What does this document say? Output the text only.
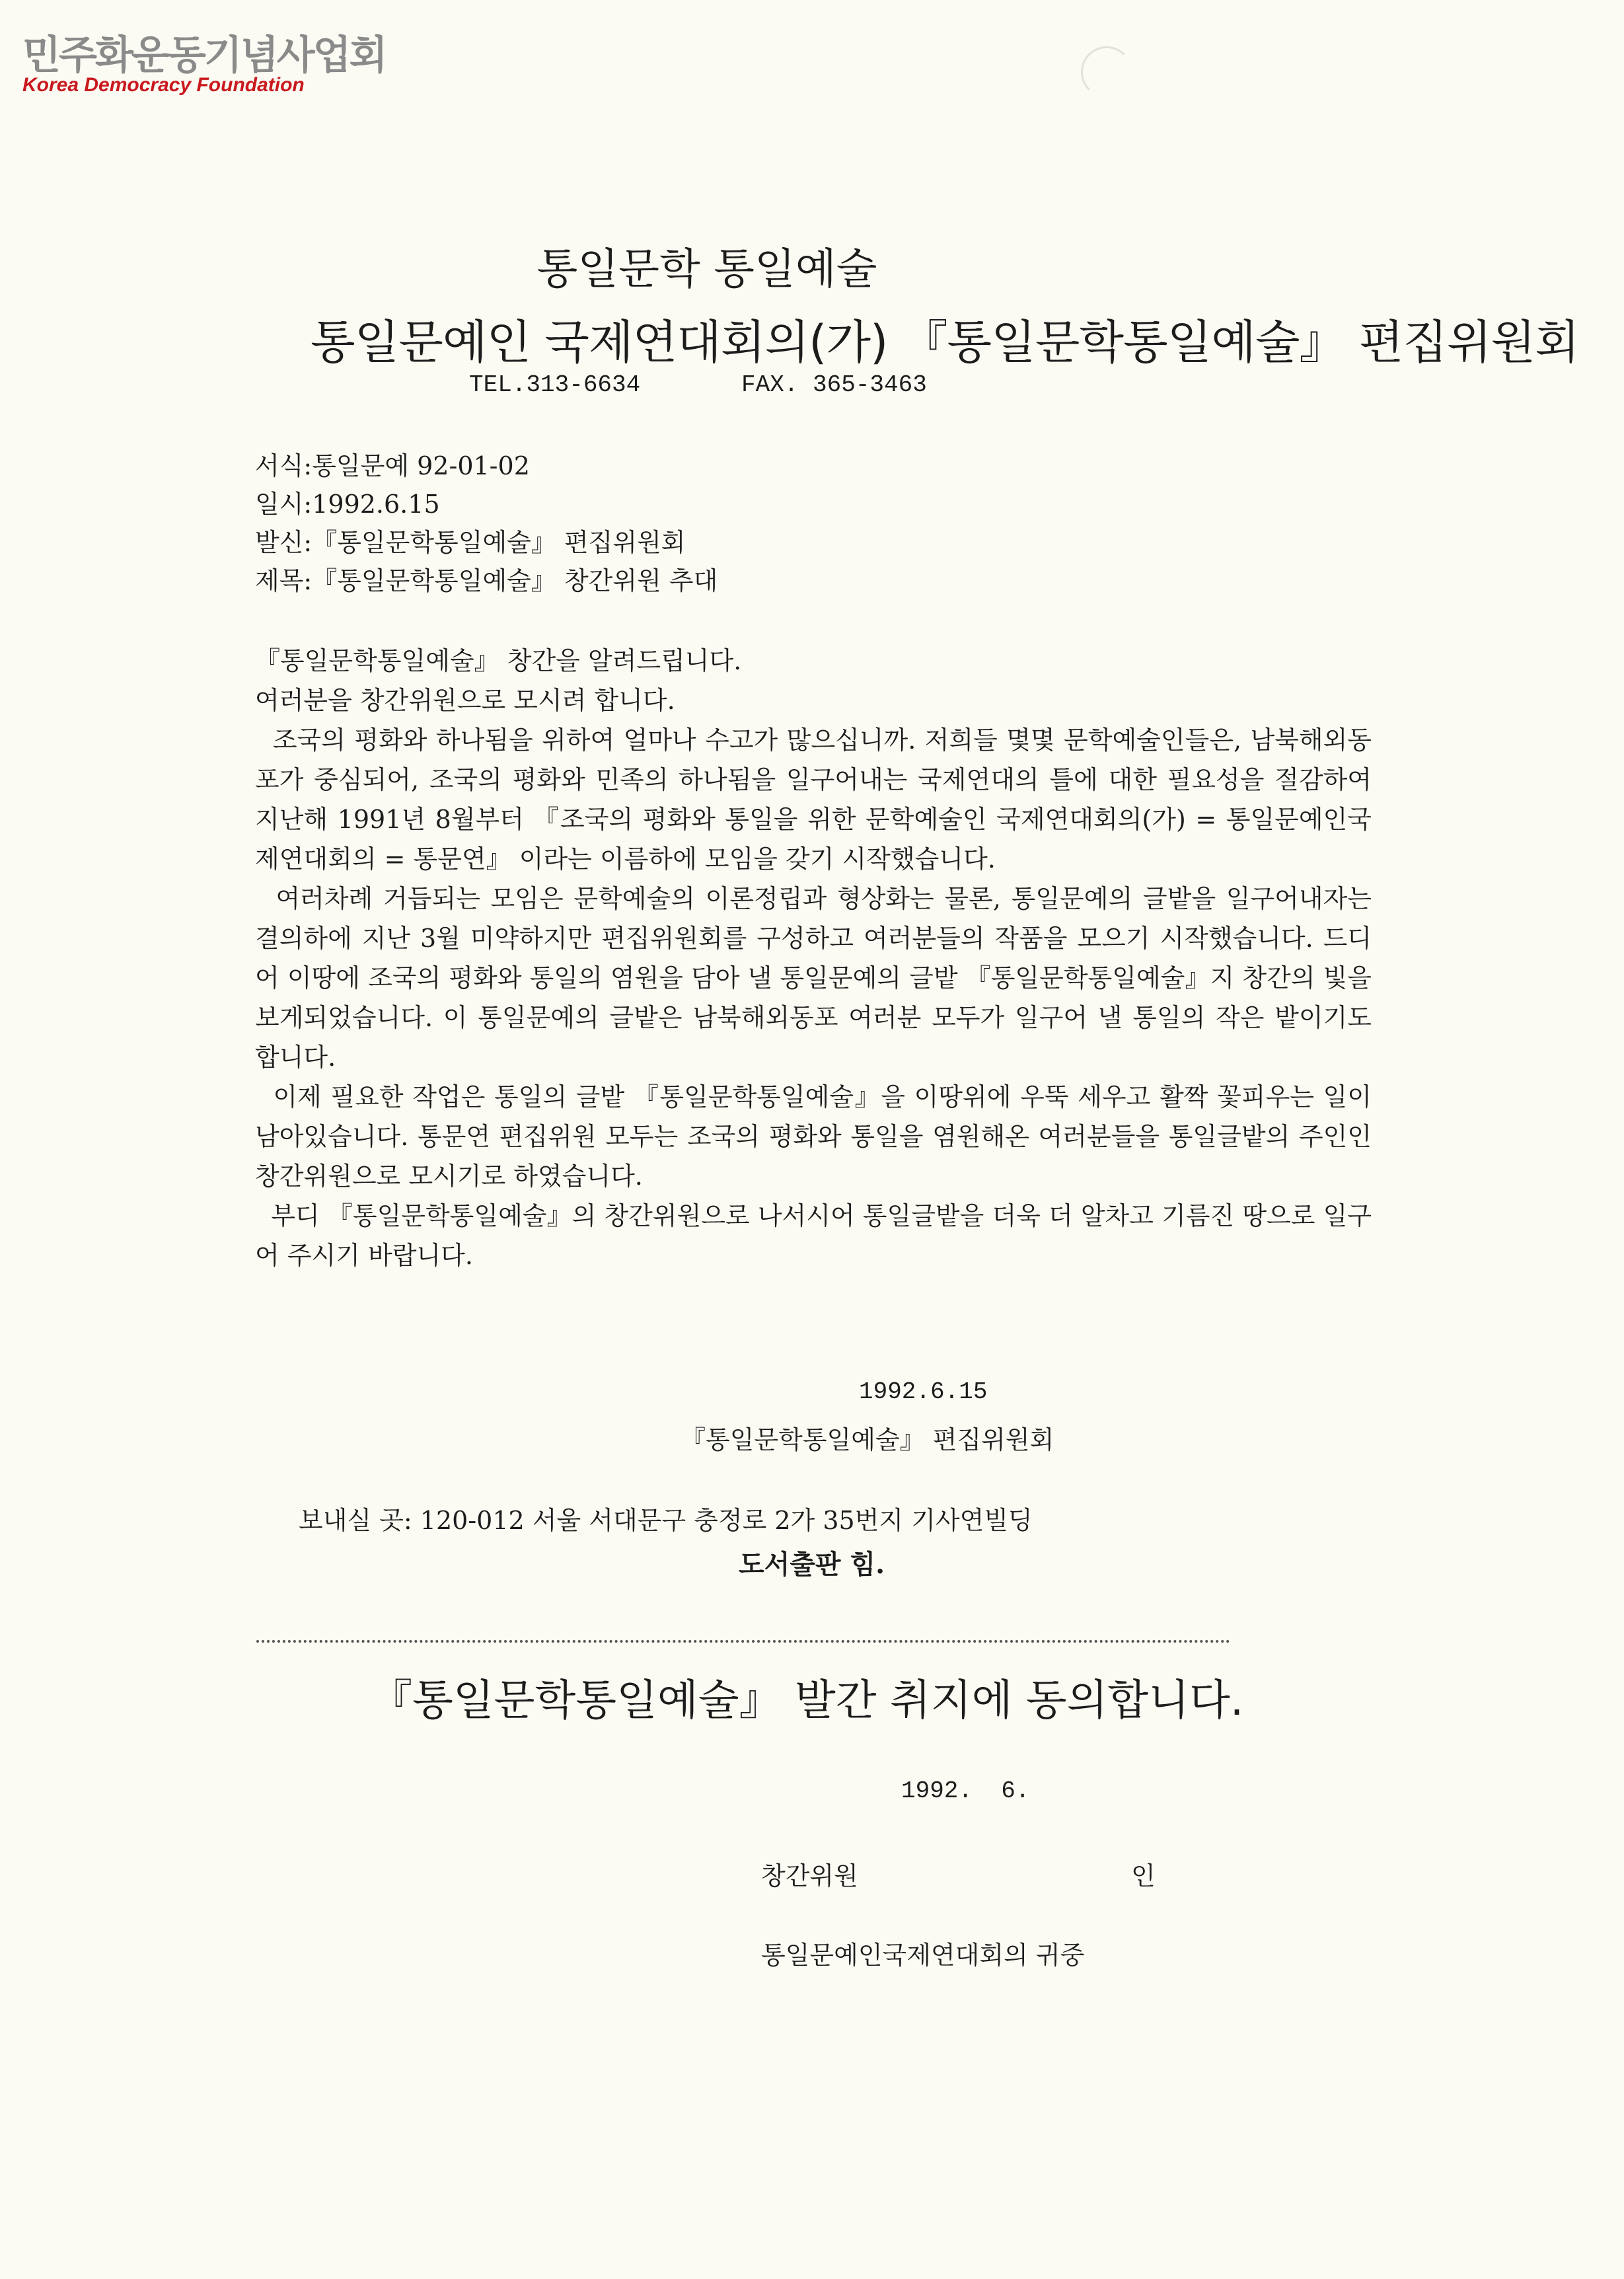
민주화운동기념사업회
Korea Democracy Foundation
통일문학 통일예술
통일문예인 국제연대회의(가) 『통일문학통일예술』 편집위원회
TEL.313-6634	FAX. 365-3463
서식:통일문예 92-01-02
일시:1992.6.15
발신:『통일문학통일예술』 편집위원회
제목:『통일문학통일예술』 창간위원 추대

『통일문학통일예술』 창간을 알려드립니다.

여러분을 창간위원으로 모시려 합니다.

조국의 평화와 하나됨을 위하여 얼마나 수고가 많으십니까. 저희들 몇몇 문학예술인들은, 남북해외동포가 중심되어, 조국의 평화와 민족의 하나됨을 일구어내는 국제연대의 틀에 대한 필요성을 절감하여 지난해 1991년 8월부터 『조국의 평화와 통일을 위한 문학예술인 국제연대회의(가) = 통일문예인국제연대회의 = 통문연』 이라는 이름하에 모임을 갖기 시작했습니다.

여러차례 거듭되는 모임은 문학예술의 이론정립과 형상화는 물론, 통일문예의 글밭을 일구어내자는 결의하에 지난 3월 미약하지만 편집위원회를 구성하고 여러분들의 작품을 모으기 시작했습니다. 드디어 이땅에 조국의 평화와 통일의 염원을 담아 낼 통일문예의 글밭 『통일문학통일예술』지 창간의 빛을 보게되었습니다. 이 통일문예의 글밭은 남북해외동포 여러분 모두가 일구어 낼 통일의 작은 밭이기도 합니다.

이제 필요한 작업은 통일의 글밭 『통일문학통일예술』을 이땅위에 우뚝 세우고 활짝 꽃피우는 일이 남아있습니다. 통문연 편집위원 모두는 조국의 평화와 통일을 염원해온 여러분들을 통일글밭의 주인인 창간위원으로 모시기로 하였습니다.

부디 『통일문학통일예술』의 창간위원으로 나서시어 통일글밭을 더욱 더 알차고 기름진 땅으로 일구어 주시기 바랍니다.

1992.6.15
『통일문학통일예술』 편집위원회
보내실 곳: 120-012 서울 서대문구 충정로 2가 35번지 기사연빌딩
도서출판 힘.
『통일문학통일예술』 발간 취지에 동의합니다.
1992.  6.
창간위원	인
통일문예인국제연대회의 귀중
